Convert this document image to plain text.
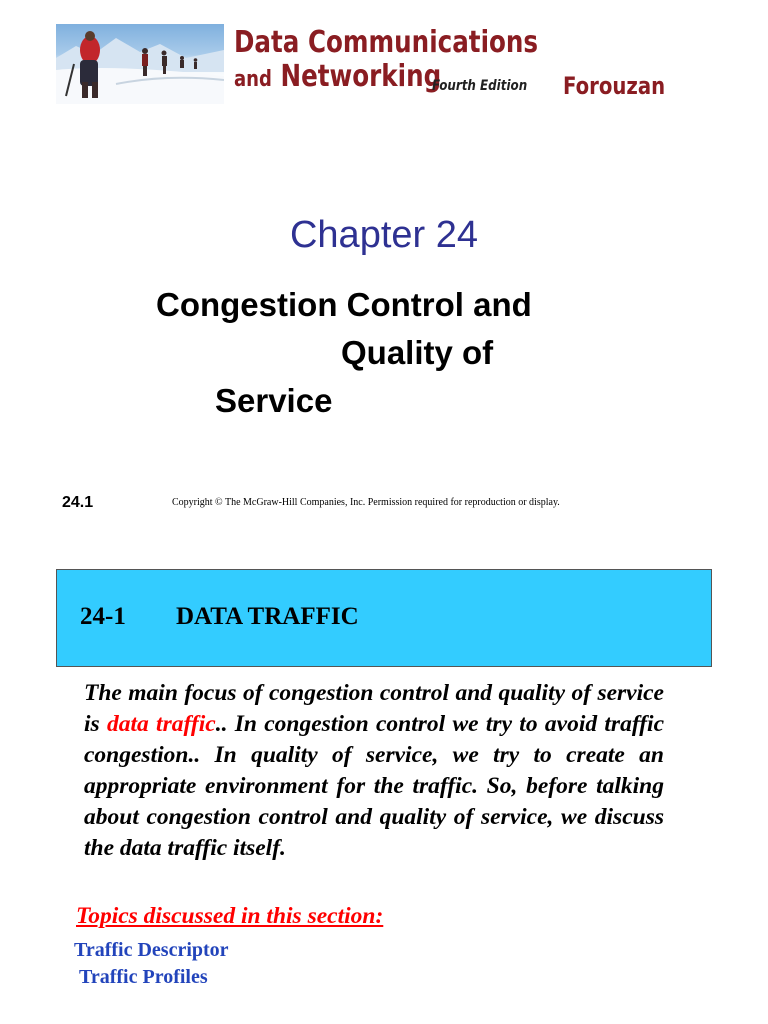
Data Communications
and Networking
Fourth Edition Forouzan
Chapter 24
Congestion Control and
Quality of
Service
24.1	Copyright © The McGraw-Hill Companies, Inc. Permission required for reproduction or display.
24-1 DATA TRAFFIC

The main focus of congestion control and quality of service is data traffic.. In congestion control we try to avoid traffic congestion.. In quality of service, we try to create an appropriate environment for the traffic. So, before talking about congestion control and quality of service, we discuss the data traffic itself.

Topics discussed in this section:
Traffic Descriptor
Traffic Profiles
